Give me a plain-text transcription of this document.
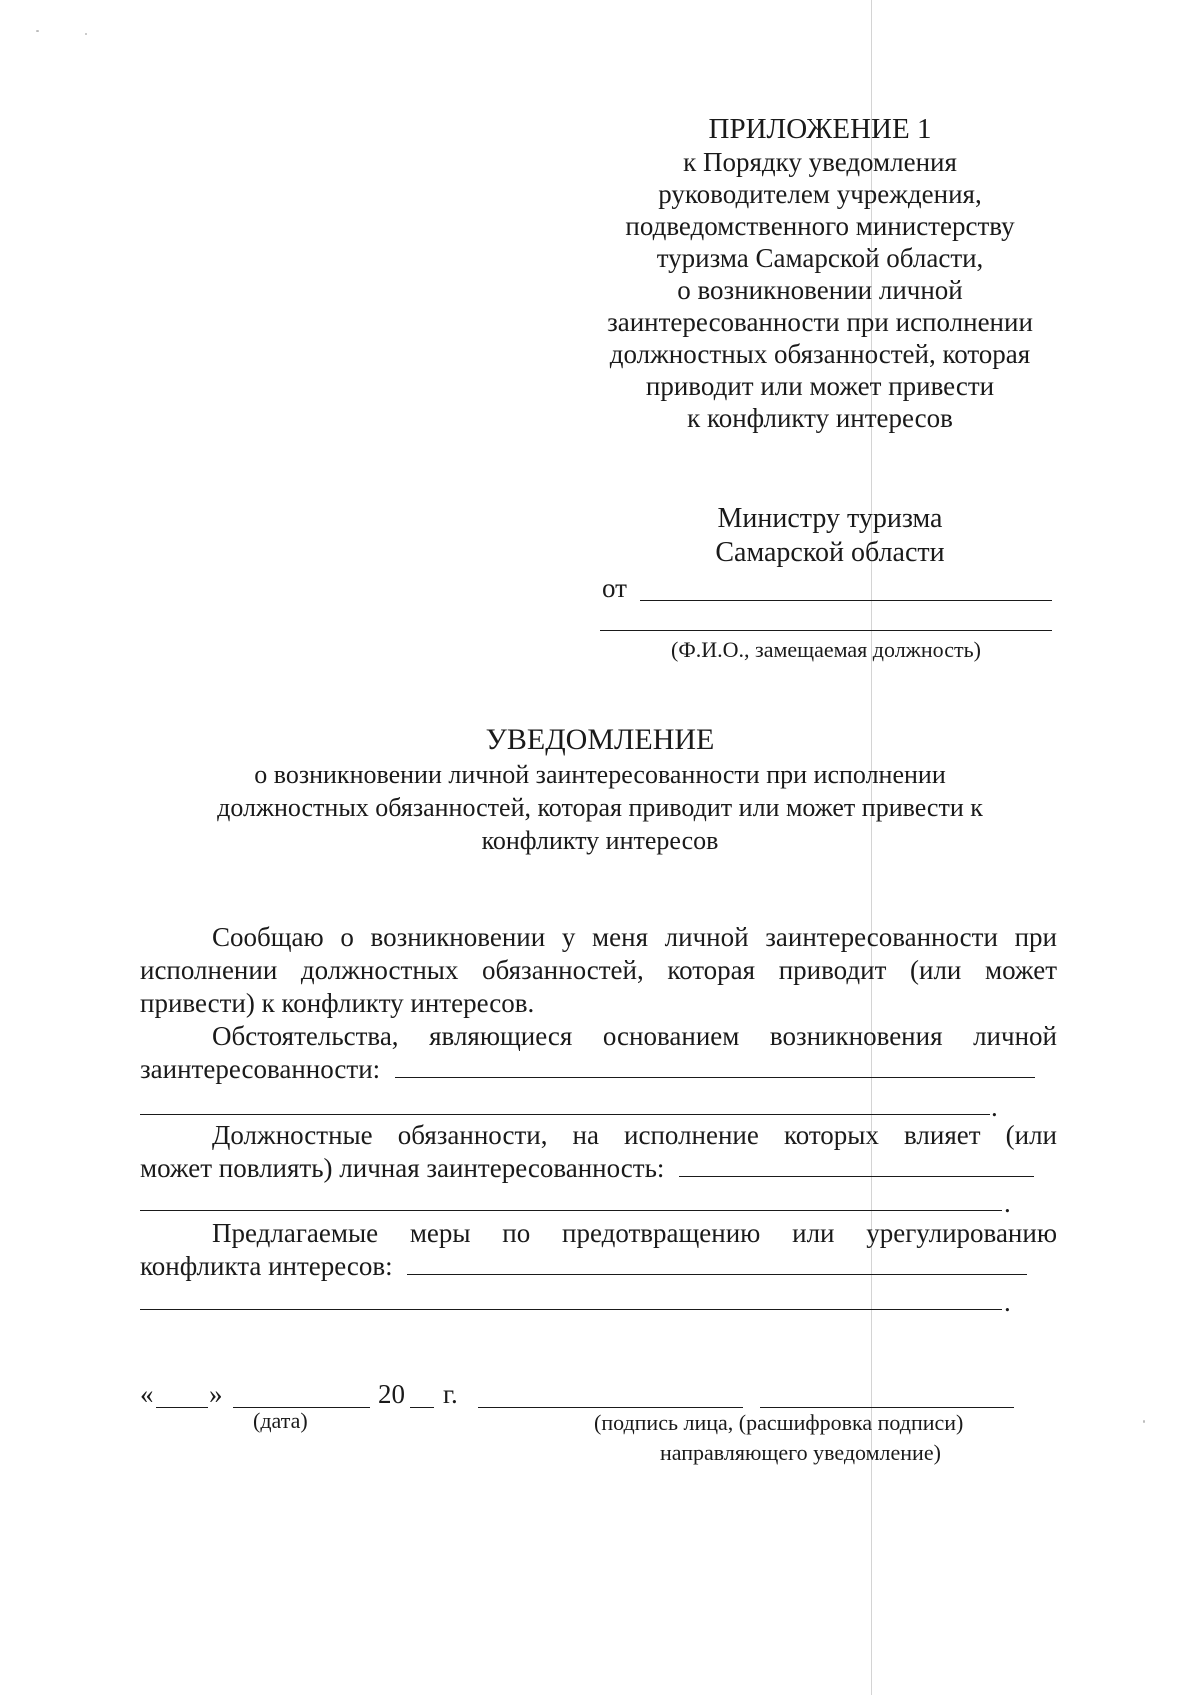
ПРИЛОЖЕНИЕ 1
к Порядку уведомления
руководителем учреждения,
подведомственного министерству
туризма Самарской области,
о возникновении личной
заинтересованности при исполнении
должностных обязанностей, которая
приводит или может привести
к конфликту интересов
Министру туризма
Самарской области
от
(Ф.И.О., замещаемая должность)
УВЕДОМЛЕНИЕ
о возникновении личной заинтересованности при исполнении
должностных обязанностей, которая приводит или может привести к
конфликту интересов
Сообщаю о возникновении у меня личной заинтересованности при
исполнении должностных обязанностей, которая приводит (или может
привести) к конфликту интересов.
Обстоятельства, являющиеся основанием возникновения личной
заинтересованности:
.
Должностные обязанности, на исполнение которых влияет (или
может повлиять) личная заинтересованность:
.
Предлагаемые меры по предотвращению или урегулированию
конфликта интересов:
.
« »	20 г.
(дата)	(подпись лица, (расшифровка подписи)
направляющего уведомление)
